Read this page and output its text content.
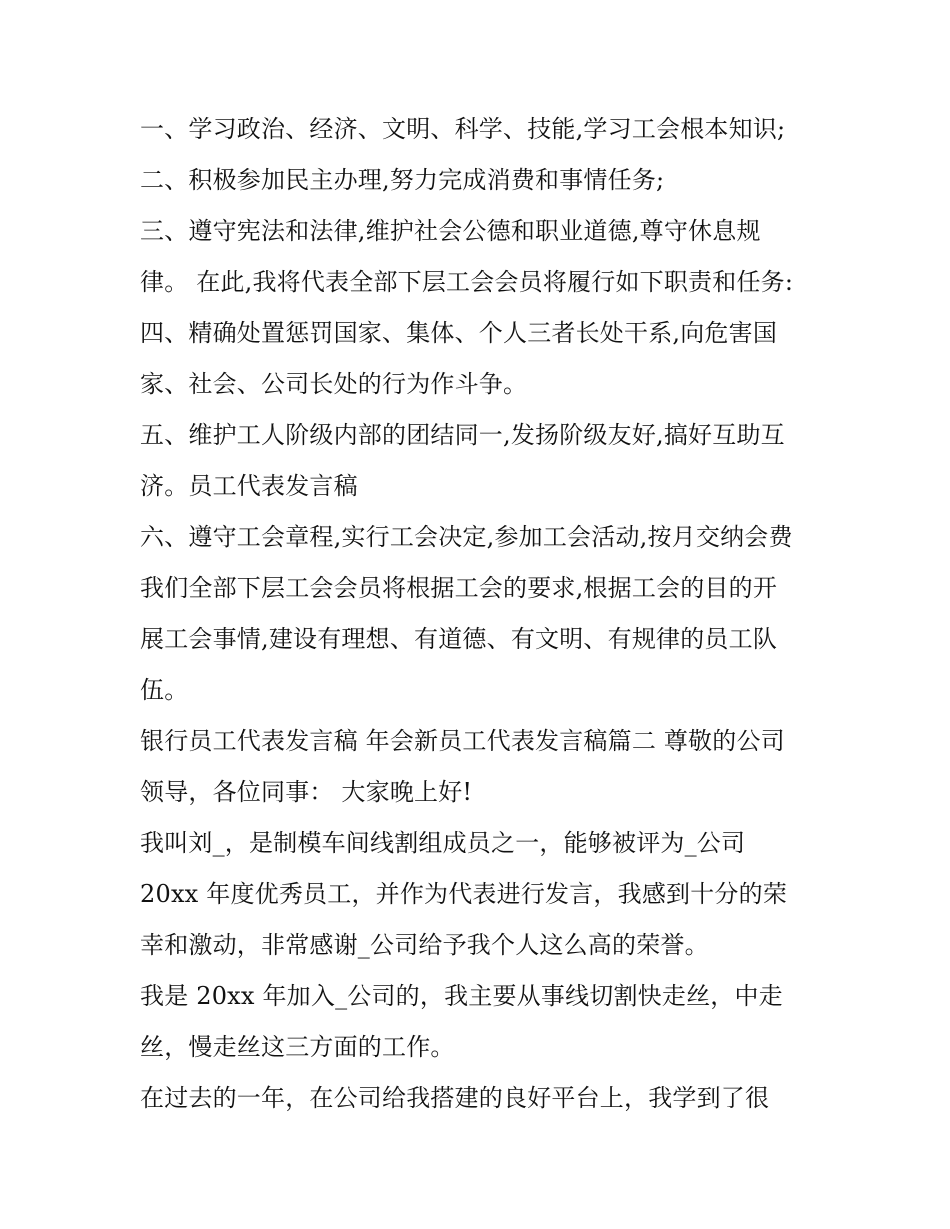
一、学习政治、经济、文明、科学、技能,学习工会根本知识;
二、积极参加民主办理,努力完成消费和事情任务;
三、遵守宪法和法律,维护社会公德和职业道德,尊守休息规
律。 在此,我将代表全部下层工会会员将履行如下职责和任务:
四、精确处置惩罚国家、集体、个人三者长处干系,向危害国
家、社会、公司长处的行为作斗争。
五、维护工人阶级内部的团结同一,发扬阶级友好,搞好互助互
济。员工代表发言稿
六、遵守工会章程,实行工会决定,参加工会活动,按月交纳会费
我们全部下层工会会员将根据工会的要求,根据工会的目的开
展工会事情,建设有理想、有道德、有文明、有规律的员工队
伍。
银行员工代表发言稿 年会新员工代表发言稿篇二 尊敬的公司
领导，各位同事： 大家晚上好!
我叫刘_，是制模车间线割组成员之一，能够被评为_公司
20xx 年度优秀员工，并作为代表进行发言，我感到十分的荣
幸和激动，非常感谢_公司给予我个人这么高的荣誉。
我是 20xx 年加入_公司的，我主要从事线切割快走丝，中走
丝，慢走丝这三方面的工作。
在过去的一年，在公司给我搭建的良好平台上，我学到了很
